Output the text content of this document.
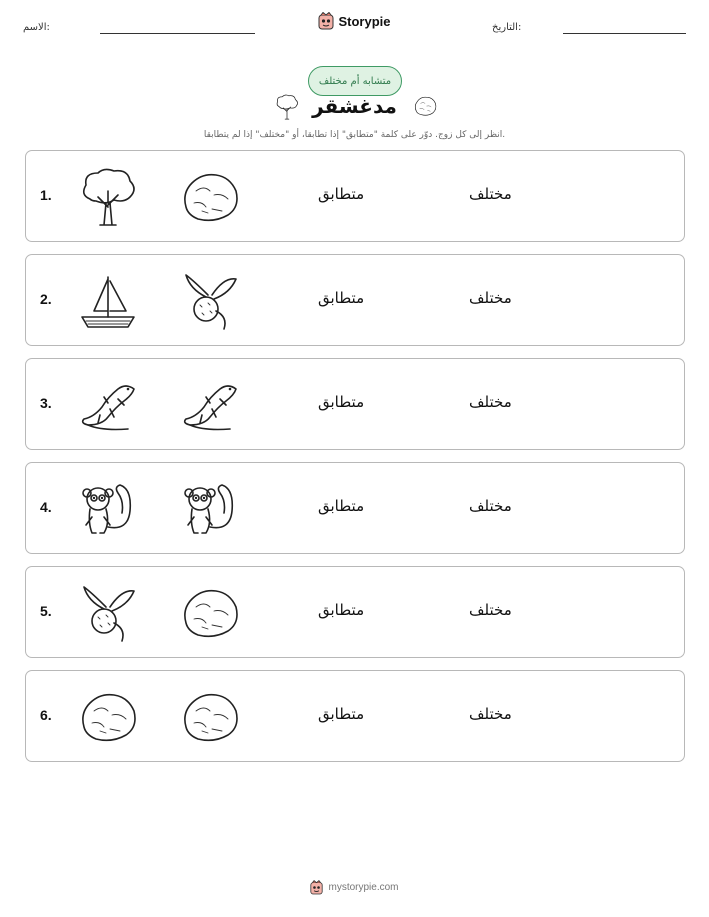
الاسم:	Storypie	التاريخ:
متشابه أم مختلف
مدغشقر
انظر إلى كل زوج. دوّر على كلمة "متطابق" إذا تطابقا، أو "مختلف" إذا لم يتطابقا.
1.	متطابق	مختلف
2.	متطابق	مختلف
3.	متطابق	مختلف
4.	متطابق	مختلف
5.	متطابق	مختلف
6.	متطابق	مختلف
mystorypie.com
